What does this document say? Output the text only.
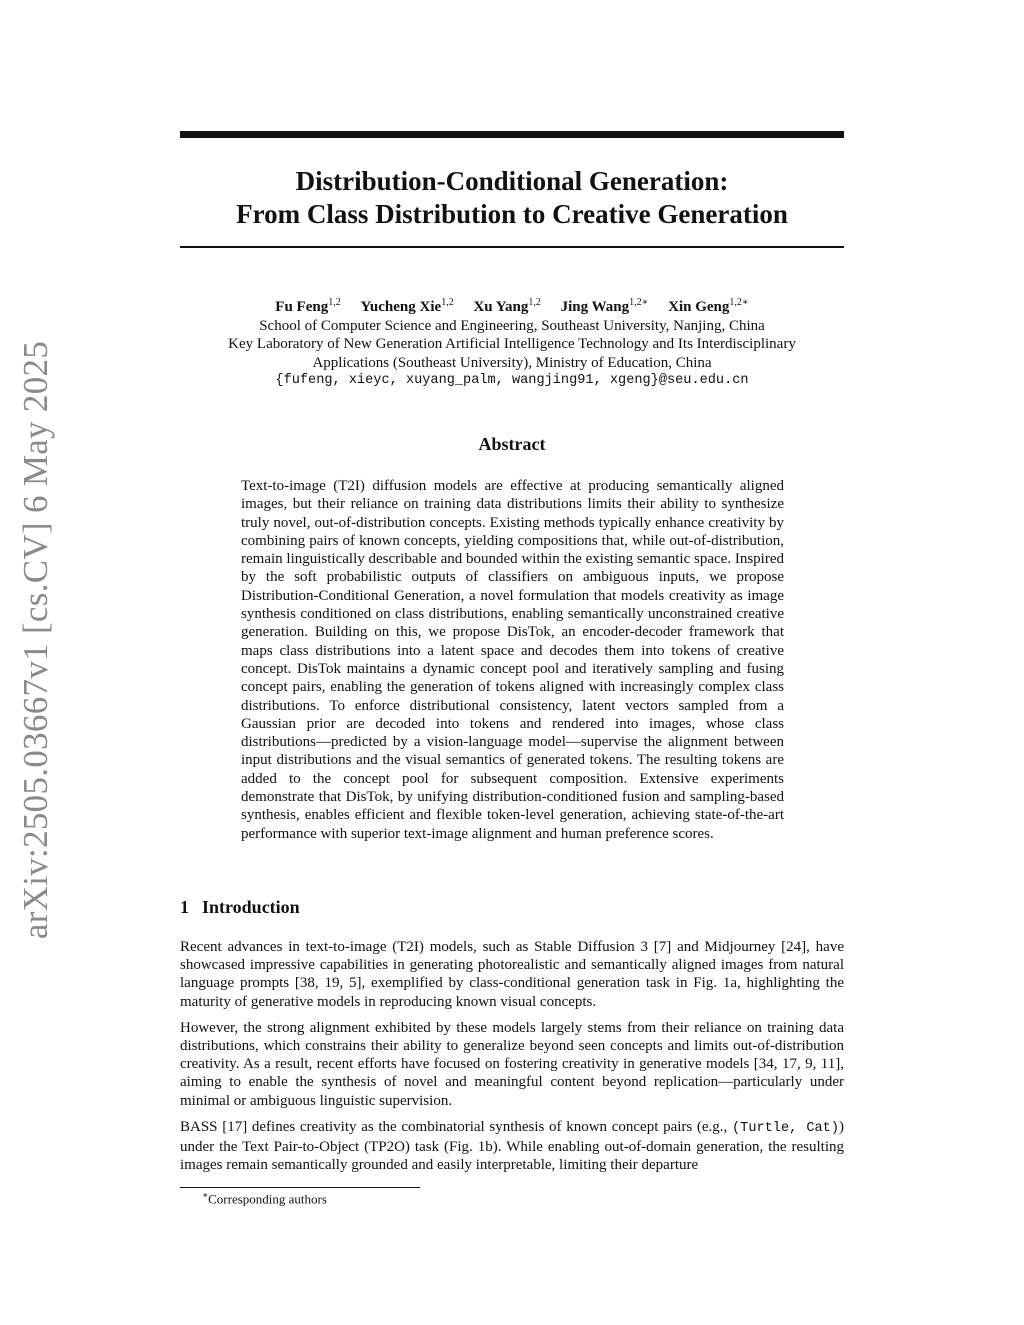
arXiv:2505.03667v1 [cs.CV] 6 May 2025
Distribution-Conditional Generation:
From Class Distribution to Creative Generation
Fu Feng$^{1,2}$ Yucheng Xie$^{1,2}$ Xu Yang$^{1,2}$ Jing Wang$^{1,2∗}$ Xin Geng$^{1,2∗}$
School of Computer Science and Engineering, Southeast University, Nanjing, China
Key Laboratory of New Generation Artificial Intelligence Technology and Its Interdisciplinary
Applications (Southeast University), Ministry of Education, China
{fufeng, xieyc, xuyang_palm, wangjing91, xgeng}@seu.edu.cn
Abstract

Text-to-image (T2I) diffusion models are effective at producing semantically aligned images, but their reliance on training data distributions limits their ability to synthesize truly novel, out-of-distribution concepts. Existing methods typically enhance creativity by combining pairs of known concepts, yielding compositions that, while out-of-distribution, remain linguistically describable and bounded within the existing semantic space. Inspired by the soft probabilistic outputs of classifiers on ambiguous inputs, we propose Distribution-Conditional Generation, a novel formulation that models creativity as image synthesis conditioned on class distributions, enabling semantically unconstrained creative generation. Building on this, we propose DisTok, an encoder-decoder framework that maps class distributions into a latent space and decodes them into tokens of creative concept. DisTok maintains a dynamic concept pool and iteratively sampling and fusing concept pairs, enabling the generation of tokens aligned with increasingly complex class distributions. To enforce distributional consistency, latent vectors sampled from a Gaussian prior are decoded into tokens and rendered into images, whose class distributions—predicted by a vision-language model—supervise the alignment between input distributions and the visual semantics of generated tokens. The resulting tokens are added to the concept pool for subsequent composition. Extensive experiments demonstrate that DisTok, by unifying distribution-conditioned fusion and sampling-based synthesis, enables efficient and flexible token-level generation, achieving state-of-the-art performance with superior text-image alignment and human preference scores.

1 Introduction

Recent advances in text-to-image (T2I) models, such as Stable Diffusion 3 [7] and Midjourney [24], have showcased impressive capabilities in generating photorealistic and semantically aligned images from natural language prompts [38, 19, 5], exemplified by class-conditional generation task in Fig. 1a, highlighting the maturity of generative models in reproducing known visual concepts.

However, the strong alignment exhibited by these models largely stems from their reliance on training data distributions, which constrains their ability to generalize beyond seen concepts and limits out-of-distribution creativity. As a result, recent efforts have focused on fostering creativity in generative models [34, 17, 9, 11], aiming to enable the synthesis of novel and meaningful content beyond replication—particularly under minimal or ambiguous linguistic supervision.

BASS [17] defines creativity as the combinatorial synthesis of known concept pairs (e.g., (Turtle, Cat)) under the Text Pair-to-Object (TP2O) task (Fig. 1b). While enabling out-of-domain generation, the resulting images remain semantically grounded and easily interpretable, limiting their departure

∗Corresponding authors
